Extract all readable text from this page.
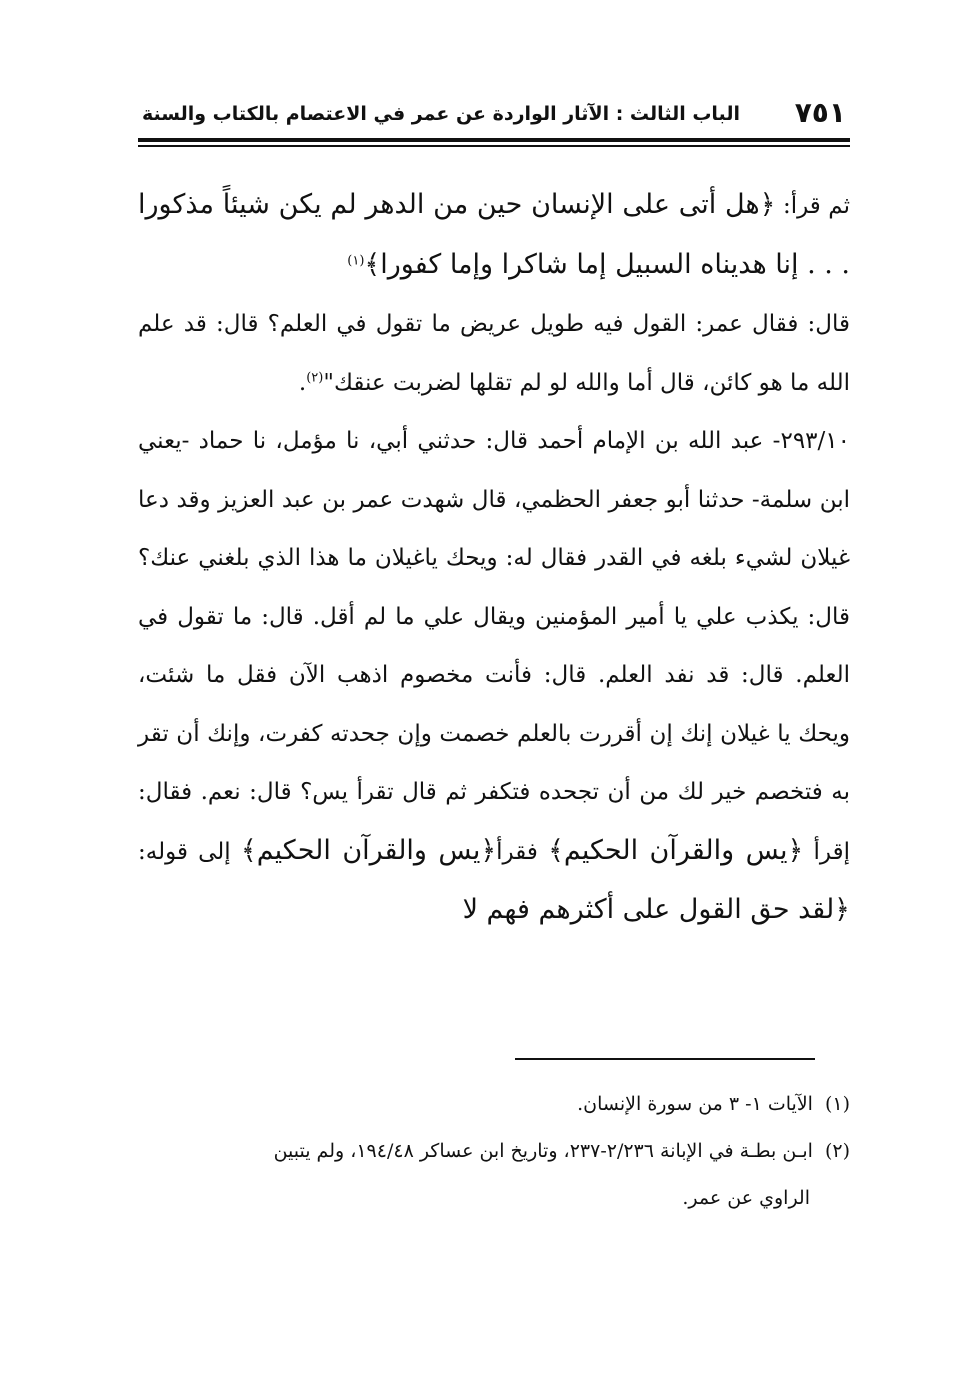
٧٥١
الباب الثالث : الآثار الواردة عن عمر في الاعتصام بالكتاب والسنة

ثم قرأ: ﴿هل أتى على الإنسان حين من الدهر لم يكن شيئاً مذكورا . . . إنا هديناه السبيل إما شاكرا وإما كفورا﴾$^{(١)}$

قال: فقال عمر: القول فيه طويل عريض ما تقول في العلم؟ قال: قد علم الله ما هو كائن، قال أما والله لو لم تقلها لضربت عنقك"$^{(٢)}$.

٢٩٣/١٠- عبد الله بن الإمام أحمد قال: حدثني أبي، نا مؤمل، نا حماد -يعني ابن سلمة- حدثنا أبو جعفر الحظمي، قال شهدت عمر بن عبد العزيز وقد دعا غيلان لشيء بلغه في القدر فقال له: ويحك ياغيلان ما هذا الذي بلغني عنك؟ قال: يكذب علي يا أمير المؤمنين ويقال علي ما لم أقل. قال: ما تقول في العلم. قال: قد نفد العلم. قال: فأنت مخصوم اذهب الآن فقل ما شئت، ويحك يا غيلان إنك إن أقررت بالعلم خصمت وإن جحدته كفرت، وإنك أن تقر به فتخصم خير لك من أن تجحده فتكفر ثم قال تقرأ يس؟ قال: نعم. فقال: إقرأ ﴿يس والقرآن الحكيم﴾ فقرأ﴿يس والقرآن الحكيم﴾ إلى قوله: ﴿لقد حق القول على أكثرهم فهم لا

(١)الآيات ١- ٣ من سورة الإنسان.

(٢)ابـن بطـة في الإبانة ٢/٢٣٦-٢٣٧، وتاريخ ابن عساكر ١٩٤/٤٨، ولم يتبين

الراوي عن عمر.
